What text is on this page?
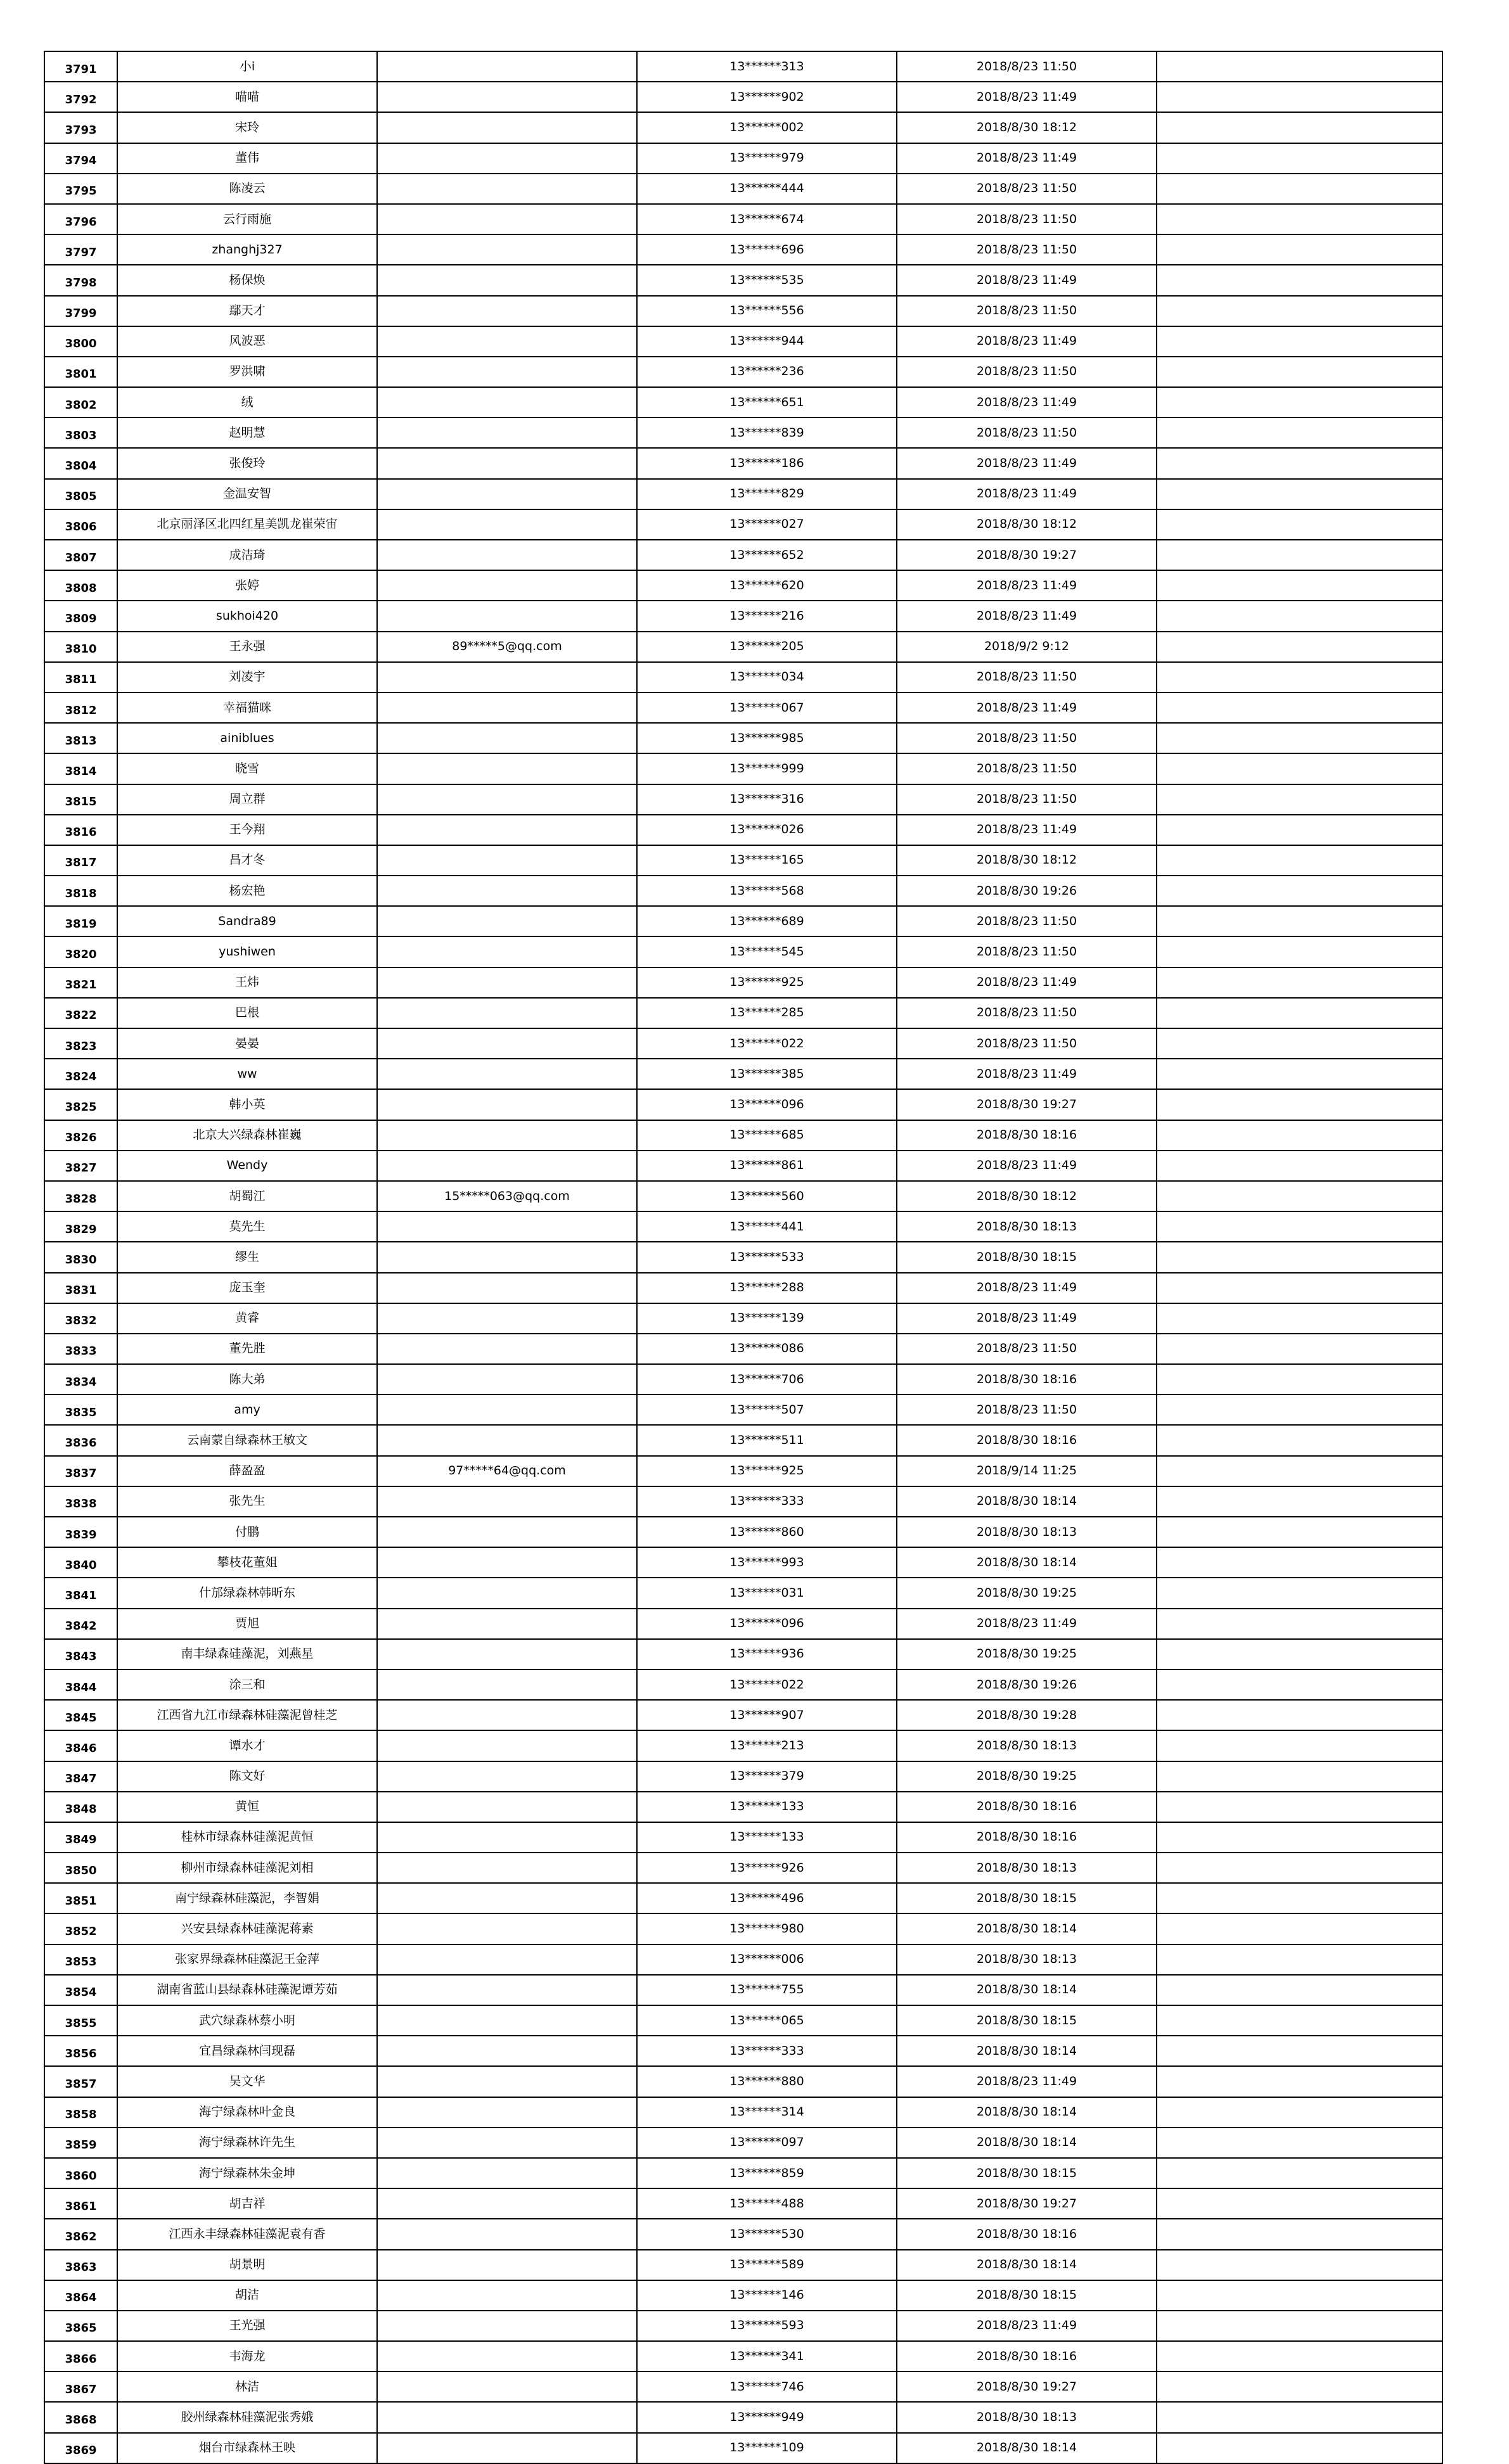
3791	小i		13******313	2018/8/23 11:50	
3792	喵喵		13******902	2018/8/23 11:49	
3793	宋玲		13******002	2018/8/30 18:12	
3794	董伟		13******979	2018/8/23 11:49	
3795	陈凌云		13******444	2018/8/23 11:50	
3796	云行雨施		13******674	2018/8/23 11:50	
3797	zhanghj327		13******696	2018/8/23 11:50	
3798	杨保焕		13******535	2018/8/23 11:49	
3799	鄢天才		13******556	2018/8/23 11:50	
3800	风波恶		13******944	2018/8/23 11:49	
3801	罗洪啸		13******236	2018/8/23 11:50	
3802	绒		13******651	2018/8/23 11:49	
3803	赵明慧		13******839	2018/8/23 11:50	
3804	张俊玲		13******186	2018/8/23 11:49	
3805	金温安智		13******829	2018/8/23 11:49	
3806	北京丽泽区北四红星美凯龙崔荣宙		13******027	2018/8/30 18:12	
3807	成洁琦		13******652	2018/8/30 19:27	
3808	张婷		13******620	2018/8/23 11:49	
3809	sukhoi420		13******216	2018/8/23 11:49	
3810	王永强	89*****5@qq.com	13******205	2018/9/2 9:12	
3811	刘凌宇		13******034	2018/8/23 11:50	
3812	幸福猫咪		13******067	2018/8/23 11:49	
3813	ainiblues		13******985	2018/8/23 11:50	
3814	晓雪		13******999	2018/8/23 11:50	
3815	周立群		13******316	2018/8/23 11:50	
3816	王今翔		13******026	2018/8/23 11:49	
3817	昌才冬		13******165	2018/8/30 18:12	
3818	杨宏艳		13******568	2018/8/30 19:26	
3819	Sandra89		13******689	2018/8/23 11:50	
3820	yushiwen		13******545	2018/8/23 11:50	
3821	王炜		13******925	2018/8/23 11:49	
3822	巴根		13******285	2018/8/23 11:50	
3823	晏晏		13******022	2018/8/23 11:50	
3824	ww		13******385	2018/8/23 11:49	
3825	韩小英		13******096	2018/8/30 19:27	
3826	北京大兴绿森林崔巍		13******685	2018/8/30 18:16	
3827	Wendy		13******861	2018/8/23 11:49	
3828	胡蜀江	15*****063@qq.com	13******560	2018/8/30 18:12	
3829	莫先生		13******441	2018/8/30 18:13	
3830	缪生		13******533	2018/8/30 18:15	
3831	庞玉奎		13******288	2018/8/23 11:49	
3832	黄睿		13******139	2018/8/23 11:49	
3833	董先胜		13******086	2018/8/23 11:50	
3834	陈大弟		13******706	2018/8/30 18:16	
3835	amy		13******507	2018/8/23 11:50	
3836	云南蒙自绿森林王敏文		13******511	2018/8/30 18:16	
3837	薛盈盈	97*****64@qq.com	13******925	2018/9/14 11:25	
3838	张先生		13******333	2018/8/30 18:14	
3839	付鹏		13******860	2018/8/30 18:13	
3840	攀枝花董姐		13******993	2018/8/30 18:14	
3841	什邡绿森林韩昕东		13******031	2018/8/30 19:25	
3842	贾旭		13******096	2018/8/23 11:49	
3843	南丰绿森硅藻泥，刘燕星		13******936	2018/8/30 19:25	
3844	涂三和		13******022	2018/8/30 19:26	
3845	江西省九江市绿森林硅藻泥曾桂芝		13******907	2018/8/30 19:28	
3846	谭水才		13******213	2018/8/30 18:13	
3847	陈文好		13******379	2018/8/30 19:25	
3848	黄恒		13******133	2018/8/30 18:16	
3849	桂林市绿森林硅藻泥黄恒		13******133	2018/8/30 18:16	
3850	柳州市绿森林硅藻泥刘相		13******926	2018/8/30 18:13	
3851	南宁绿森林硅藻泥，李智娟		13******496	2018/8/30 18:15	
3852	兴安县绿森林硅藻泥蒋素		13******980	2018/8/30 18:14	
3853	张家界绿森林硅藻泥王金萍		13******006	2018/8/30 18:13	
3854	湖南省蓝山县绿森林硅藻泥谭芳茹		13******755	2018/8/30 18:14	
3855	武穴绿森林蔡小明		13******065	2018/8/30 18:15	
3856	宜昌绿森林闫现磊		13******333	2018/8/30 18:14	
3857	吴文华		13******880	2018/8/23 11:49	
3858	海宁绿森林叶金良		13******314	2018/8/30 18:14	
3859	海宁绿森林许先生		13******097	2018/8/30 18:14	
3860	海宁绿森林朱金坤		13******859	2018/8/30 18:15	
3861	胡吉祥		13******488	2018/8/30 19:27	
3862	江西永丰绿森林硅藻泥袁有香		13******530	2018/8/30 18:16	
3863	胡景明		13******589	2018/8/30 18:14	
3864	胡洁		13******146	2018/8/30 18:15	
3865	王光强		13******593	2018/8/23 11:49	
3866	韦海龙		13******341	2018/8/30 18:16	
3867	林洁		13******746	2018/8/30 19:27	
3868	胶州绿森林硅藻泥张秀娥		13******949	2018/8/30 18:13	
3869	烟台市绿森林王映		13******109	2018/8/30 18:14	
